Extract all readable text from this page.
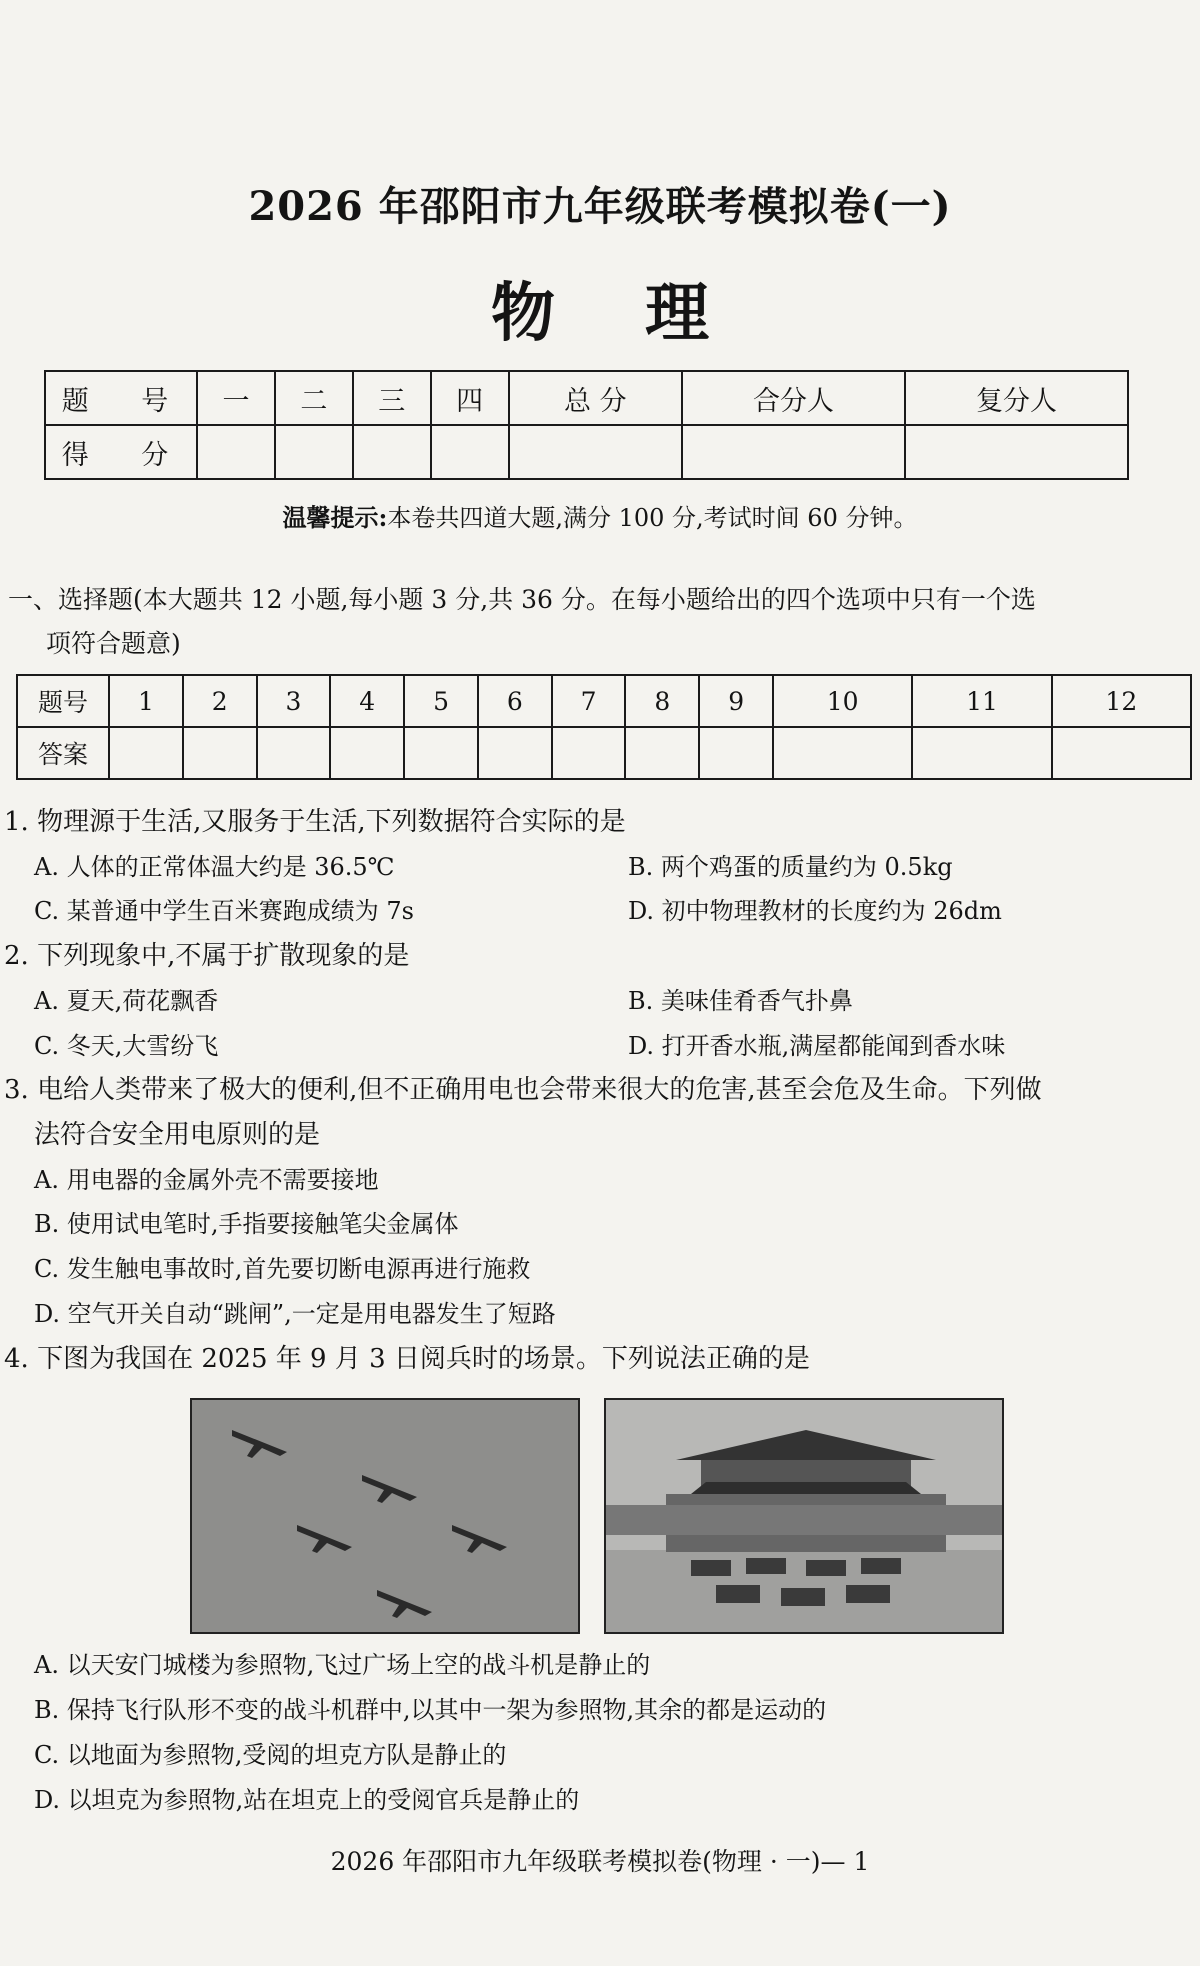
2026 年邵阳市九年级联考模拟卷(一)
物理
题 号	一	二	三	四	总 分	合分人	复分人
得 分							
温馨提示:本卷共四道大题,满分 100 分,考试时间 60 分钟。
一、选择题(本大题共 12 小题,每小题 3 分,共 36 分。在每小题给出的四个选项中只有一个选
项符合题意)
题号	1	2	3	4	5	6	7	8	9	10	11	12
答案												
1. 物理源于生活,又服务于生活,下列数据符合实际的是
A. 人体的正常体温大约是 36.5℃	B. 两个鸡蛋的质量约为 0.5kg
C. 某普通中学生百米赛跑成绩为 7s	D. 初中物理教材的长度约为 26dm
2. 下列现象中,不属于扩散现象的是
A. 夏天,荷花飘香	B. 美味佳肴香气扑鼻
C. 冬天,大雪纷飞	D. 打开香水瓶,满屋都能闻到香水味
3. 电给人类带来了极大的便利,但不正确用电也会带来很大的危害,甚至会危及生命。下列做
法符合安全用电原则的是
A. 用电器的金属外壳不需要接地
B. 使用试电笔时,手指要接触笔尖金属体
C. 发生触电事故时,首先要切断电源再进行施救
D. 空气开关自动“跳闸”,一定是用电器发生了短路
4. 下图为我国在 2025 年 9 月 3 日阅兵时的场景。下列说法正确的是
A. 以天安门城楼为参照物,飞过广场上空的战斗机是静止的
B. 保持飞行队形不变的战斗机群中,以其中一架为参照物,其余的都是运动的
C. 以地面为参照物,受阅的坦克方队是静止的
D. 以坦克为参照物,站在坦克上的受阅官兵是静止的
2026 年邵阳市九年级联考模拟卷(物理 · 一)— 1
